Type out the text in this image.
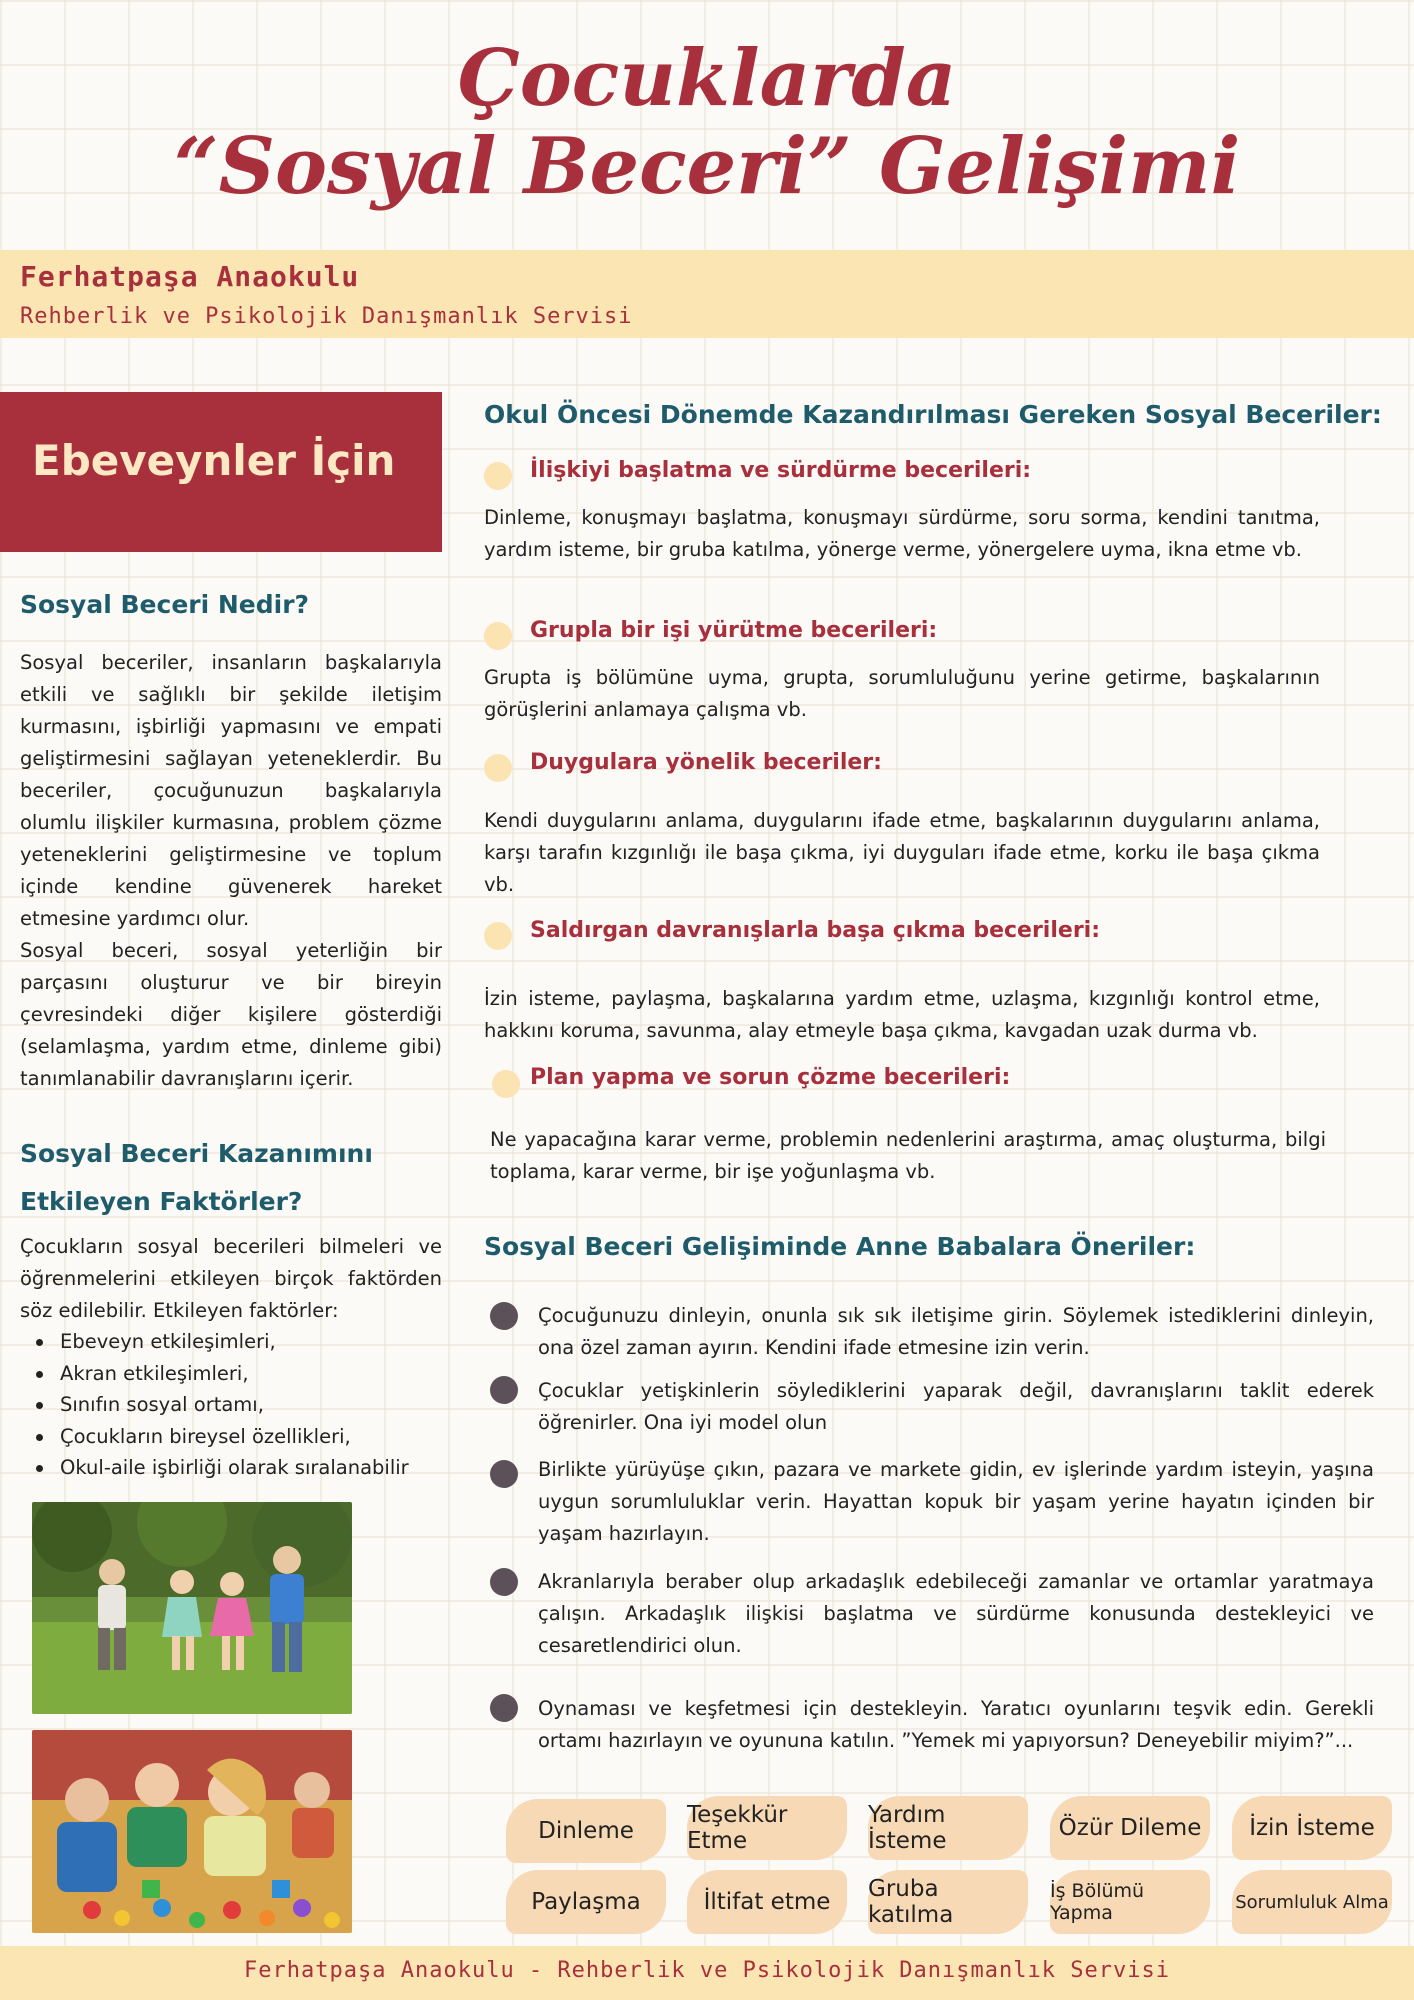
Çocuklarda
“Sosyal Beceri” Gelişimi
Ferhatpaşa Anaokulu
Rehberlik ve Psikolojik Danışmanlık Servisi
Ebeveynler İçin
Sosyal Beceri Nedir?
Sosyal beceriler, insanların başkalarıyla etkili ve sağlıklı bir şekilde iletişim kurmasını, işbirliği yapmasını ve empati geliştirmesini sağlayan yeteneklerdir. Bu beceriler, çocuğunuzun başkalarıyla olumlu ilişkiler kurmasına, problem çözme yeteneklerini geliştirmesine ve toplum içinde kendine güvenerek hareket etmesine yardımcı olur.
Sosyal beceri, sosyal yeterliğin bir parçasını oluşturur ve bir bireyin çevresindeki diğer kişilere gösterdiği (selamlaşma, yardım etme, dinleme gibi) tanımlanabilir davranışlarını içerir.
Sosyal Beceri Kazanımını
Etkileyen Faktörler?
Çocukların sosyal becerileri bilmeleri ve öğrenmelerini etkileyen birçok faktörden söz edilebilir. Etkileyen faktörler:
Ebeveyn etkileşimleri,
Akran etkileşimleri,
Sınıfın sosyal ortamı,
Çocukların bireysel özellikleri,
Okul-aile işbirliği olarak sıralanabilir
Okul Öncesi Dönemde Kazandırılması Gereken Sosyal Beceriler:
İlişkiyi başlatma ve sürdürme becerileri:
Dinleme, konuşmayı başlatma, konuşmayı sürdürme, soru sorma, kendini tanıtma, yardım isteme, bir gruba katılma, yönerge verme, yönergelere uyma, ikna etme vb.
Grupla bir işi yürütme becerileri:
Grupta iş bölümüne uyma, grupta, sorumluluğunu yerine getirme, başkalarının görüşlerini anlamaya çalışma vb.
Duygulara yönelik beceriler:
Kendi duygularını anlama, duygularını ifade etme, başkalarının duygularını anlama, karşı tarafın kızgınlığı ile başa çıkma, iyi duyguları ifade etme, korku ile başa çıkma vb.
Saldırgan davranışlarla başa çıkma becerileri:
İzin isteme, paylaşma, başkalarına yardım etme, uzlaşma, kızgınlığı kontrol etme, hakkını koruma, savunma, alay etmeyle başa çıkma, kavgadan uzak durma vb.
Plan yapma ve sorun çözme becerileri:
Ne yapacağına karar verme, problemin nedenlerini araştırma, amaç oluşturma, bilgi toplama, karar verme, bir işe yoğunlaşma vb.
Sosyal Beceri Gelişiminde Anne Babalara Öneriler:
Çocuğunuzu dinleyin, onunla sık sık iletişime girin. Söylemek istediklerini dinleyin, ona özel zaman ayırın. Kendini ifade etmesine izin verin.
Çocuklar yetişkinlerin söylediklerini yaparak değil, davranışlarını taklit ederek öğrenirler. Ona iyi model olun
Birlikte yürüyüşe çıkın, pazara ve markete gidin, ev işlerinde yardım isteyin, yaşına uygun sorumluluklar verin. Hayattan kopuk bir yaşam yerine hayatın içinden bir yaşam hazırlayın.
Akranlarıyla beraber olup arkadaşlık edebileceği zamanlar ve ortamlar yaratmaya çalışın. Arkadaşlık ilişkisi başlatma ve sürdürme konusunda destekleyici ve cesaretlendirici olun.
Oynaması ve keşfetmesi için destekleyin. Yaratıcı oyunlarını teşvik edin. Gerekli ortamı hazırlayın ve oyununa katılın. ”Yemek mi yapıyorsun? Deneyebilir miyim?”...
Dinleme
Teşekkür Etme
Yardım İsteme	Özür Dileme	İzin İsteme
Paylaşma	İltifat etme	Gruba katılma
İş Bölümü Yapma	Sorumluluk Alma
Ferhatpaşa Anaokulu - Rehberlik ve Psikolojik Danışmanlık Servisi
